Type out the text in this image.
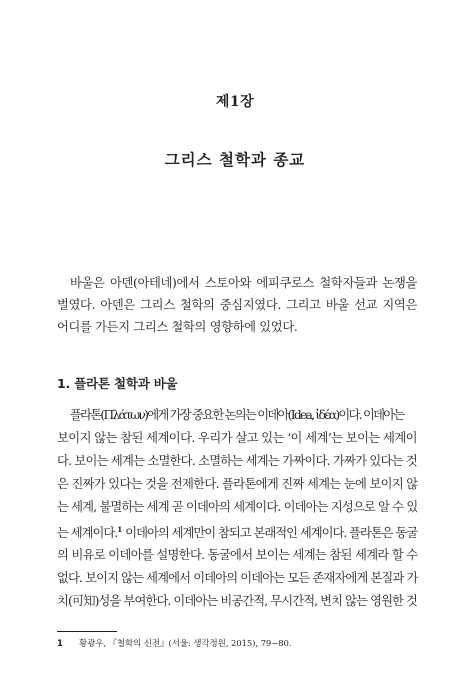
제1장
그리스 철학과 종교

바울은 아덴(아테네)에서 스토아와 에피쿠로스 철학자들과 논쟁을 벌였다. 아덴은 그리스 철학의 중심지였다. 그리고 바울 선교 지역은 어디를 가든지 그리스 철학의 영향하에 있었다.

1. 플라톤 철학과 바울
플라톤(Πλάτων)에게 가장 중요한 논의는 이데아(Idea, ἰδέα)이다. 이데아는
보이지 않는 참된 세계이다. 우리가 살고 있는 ‘이 세계’는 보이는 세계이
다. 보이는 세계는 소멸한다. 소멸하는 세계는 가짜이다. 가짜가 있다는 것
은 진짜가 있다는 것을 전제한다. 플라톤에게 진짜 세계는 눈에 보이지 않
는 세계, 불멸하는 세계 곧 이데아의 세계이다. 이데아는 지성으로 알 수 있
는 세계이다.$^1$ 이데아의 세계만이 참되고 본래적인 세계이다. 플라톤은 동굴
의 비유로 이데아를 설명한다. 동굴에서 보이는 세계는 참된 세계라 할 수
없다. 보이지 않는 세계에서 이데아의 이데아는 모든 존재자에게 본질과 가
치(可知)성을 부여한다. 이데아는 비공간적, 무시간적, 변치 않는 영원한 것
1 황광우, 『철학의 신전』(서울: 생각정원, 2015), 79~80.
